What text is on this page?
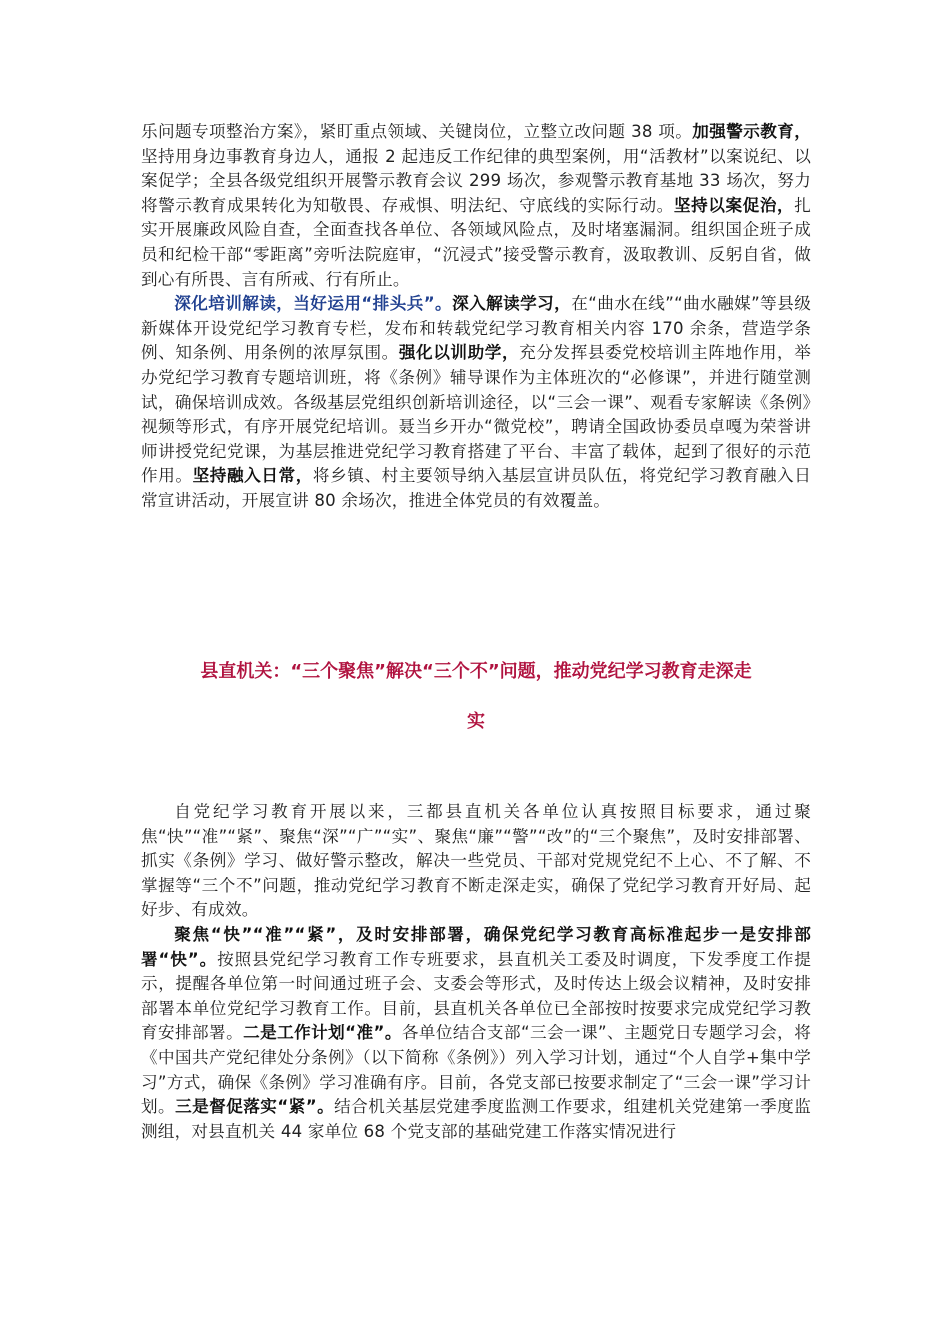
乐问题专项整治方案》，紧盯重点领域、关键岗位，立整立改问题 38 项。加强警示教育，坚持用身边事教育身边人，通报 2 起违反工作纪律的典型案例，用“活教材”以案说纪、以案促学；全县各级党组织开展警示教育会议 299 场次，参观警示教育基地 33 场次，努力将警示教育成果转化为知敬畏、存戒惧、明法纪、守底线的实际行动。坚持以案促治，扎实开展廉政风险自查，全面查找各单位、各领域风险点，及时堵塞漏洞。组织国企班子成员和纪检干部“零距离”旁听法院庭审，“沉浸式”接受警示教育，汲取教训、反躬自省，做到心有所畏、言有所戒、行有所止。

深化培训解读，当好运用“排头兵”。深入解读学习，在“曲水在线”“曲水融媒”等县级新媒体开设党纪学习教育专栏，发布和转载党纪学习教育相关内容 170 余条，营造学条例、知条例、用条例的浓厚氛围。强化以训助学，充分发挥县委党校培训主阵地作用，举办党纪学习教育专题培训班，将《条例》辅导课作为主体班次的“必修课”，并进行随堂测试，确保培训成效。各级基层党组织创新培训途径，以“三会一课”、观看专家解读《条例》视频等形式，有序开展党纪培训。聂当乡开办“微党校”，聘请全国政协委员卓嘎为荣誉讲师讲授党纪党课，为基层推进党纪学习教育搭建了平台、丰富了载体，起到了很好的示范作用。坚持融入日常，将乡镇、村主要领导纳入基层宣讲员队伍，将党纪学习教育融入日常宣讲活动，开展宣讲 80 余场次，推进全体党员的有效覆盖。

县直机关：“三个聚焦”解决“三个不”问题，推动党纪学习教育走深走

实

自党纪学习教育开展以来，三都县直机关各单位认真按照目标要求，通过聚焦“快”“准”“紧”、聚焦“深”“广”“实”、聚焦“廉”“警”“改”的“三个聚焦”，及时安排部署、抓实《条例》学习、做好警示整改，解决一些党员、干部对党规党纪不上心、不了解、不掌握等“三个不”问题，推动党纪学习教育不断走深走实，确保了党纪学习教育开好局、起好步、有成效。

聚焦“快”“准”“紧”，及时安排部署，确保党纪学习教育高标准起步一是安排部署“快”。按照县党纪学习教育工作专班要求，县直机关工委及时调度，下发季度工作提示，提醒各单位第一时间通过班子会、支委会等形式，及时传达上级会议精神，及时安排部署本单位党纪学习教育工作。目前，县直机关各单位已全部按时按要求完成党纪学习教育安排部署。二是工作计划“准”。各单位结合支部“三会一课”、主题党日专题学习会，将《中国共产党纪律处分条例》（以下简称《条例》）列入学习计划，通过“个人自学+集中学习”方式，确保《条例》学习准确有序。目前，各党支部已按要求制定了“三会一课”学习计划。三是督促落实“紧”。结合机关基层党建季度监测工作要求，组建机关党建第一季度监测组，对县直机关 44 家单位 68 个党支部的基础党建工作落实情况进行
